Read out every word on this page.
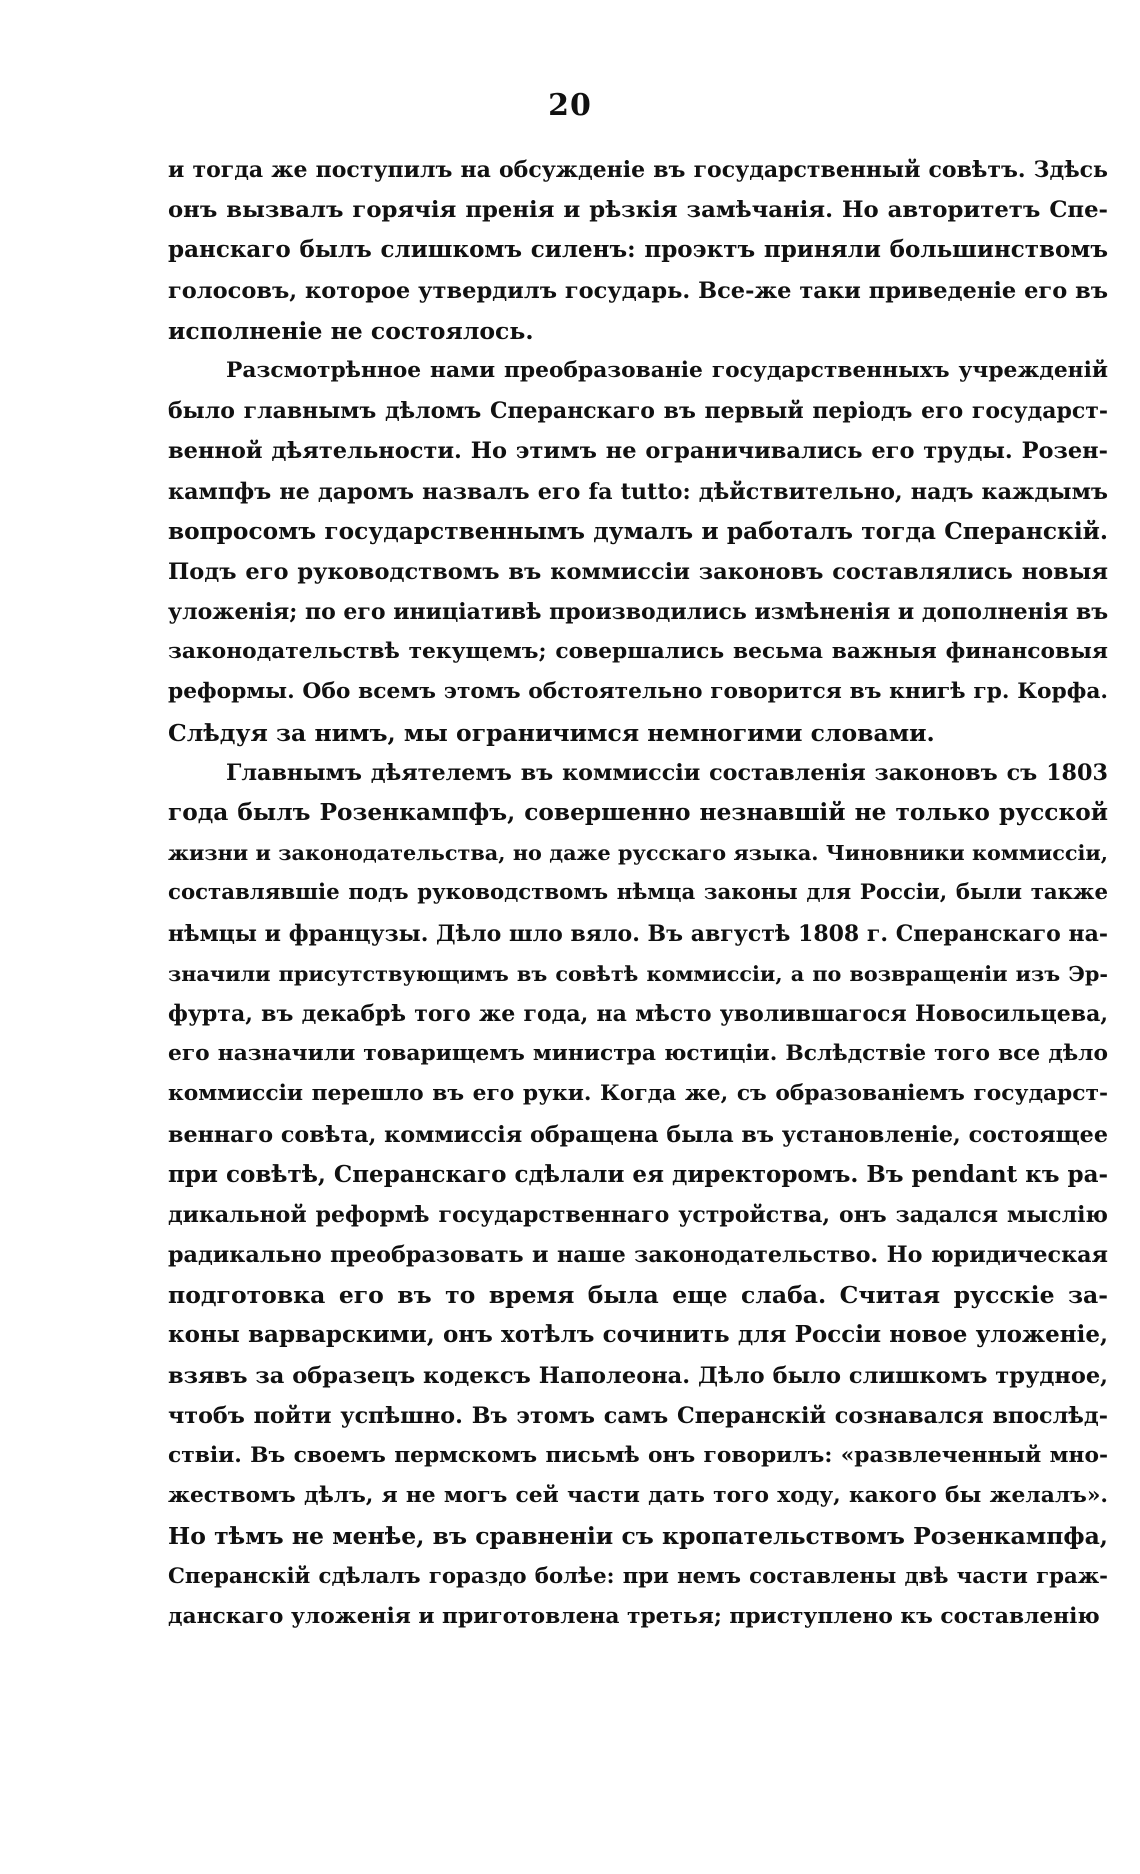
20
и тогда же поступилъ на обсужденіе въ государственный совѣтъ. Здѣсь
онъ вызвалъ горячія пренія и рѣзкія замѣчанія. Но авторитетъ Спе-
ранскаго былъ слишкомъ силенъ: проэктъ приняли большинствомъ
голосовъ, которое утвердилъ государь. Все-же таки приведеніе его въ
исполненіе не состоялось.
Разсмотрѣнное нами преобразованіе государственныхъ учрежденій
было главнымъ дѣломъ Сперанскаго въ первый періодъ его государст-
венной дѣятельности. Но этимъ не ограничивались его труды. Розен-
кампфъ не даромъ назвалъ его fa tutto: дѣйствительно, надъ каждымъ
вопросомъ государственнымъ думалъ и работалъ тогда Сперанскій.
Подъ его руководствомъ въ коммиссіи законовъ составлялись новыя
уложенія; по его иниціативѣ производились измѣненія и дополненія въ
законодательствѣ текущемъ; совершались весьма важныя финансовыя
реформы. Обо всемъ этомъ обстоятельно говорится въ книгѣ гр. Корфа.
Слѣдуя за нимъ, мы ограничимся немногими словами.
Главнымъ дѣятелемъ въ коммиссіи составленія законовъ съ 1803
года былъ Розенкампфъ, совершенно незнавшій не только русской
жизни и законодательства, но даже русскаго языка. Чиновники коммиссіи,
составлявшіе подъ руководствомъ нѣмца законы для Россіи, были также
нѣмцы и французы. Дѣло шло вяло. Въ августѣ 1808 г. Сперанскаго на-
значили присутствующимъ въ совѣтѣ коммиссіи, а по возвращеніи изъ Эр-
фурта, въ декабрѣ того же года, на мѣсто уволившагося Новосильцева,
его назначили товарищемъ министра юстиціи. Вслѣдствіе того все дѣло
коммиссіи перешло въ его руки. Когда же, съ образованіемъ государст-
веннаго совѣта, коммиссія обращена была въ установленіе, состоящее
при совѣтѣ, Сперанскаго сдѣлали ея директоромъ. Въ pendant къ ра-
дикальной реформѣ государственнаго устройства, онъ задался мыслію
радикально преобразовать и наше законодательство. Но юридическая
подготовка его въ то время была еще слаба. Считая русскіе за-
коны варварскими, онъ хотѣлъ сочинить для Россіи новое уложеніе,
взявъ за образецъ кодексъ Наполеона. Дѣло было слишкомъ трудное,
чтобъ пойти успѣшно. Въ этомъ самъ Сперанскій сознавался впослѣд-
ствіи. Въ своемъ пермскомъ письмѣ онъ говорилъ: «развлеченный мно-
жествомъ дѣлъ, я не могъ сей части дать того ходу, какого бы желалъ».
Но тѣмъ не менѣе, въ сравненіи съ кропательствомъ Розенкампфа,
Сперанскій сдѣлалъ гораздо болѣе: при немъ составлены двѣ части граж-
данскаго уложенія и приготовлена третья; приступлено къ составленію
